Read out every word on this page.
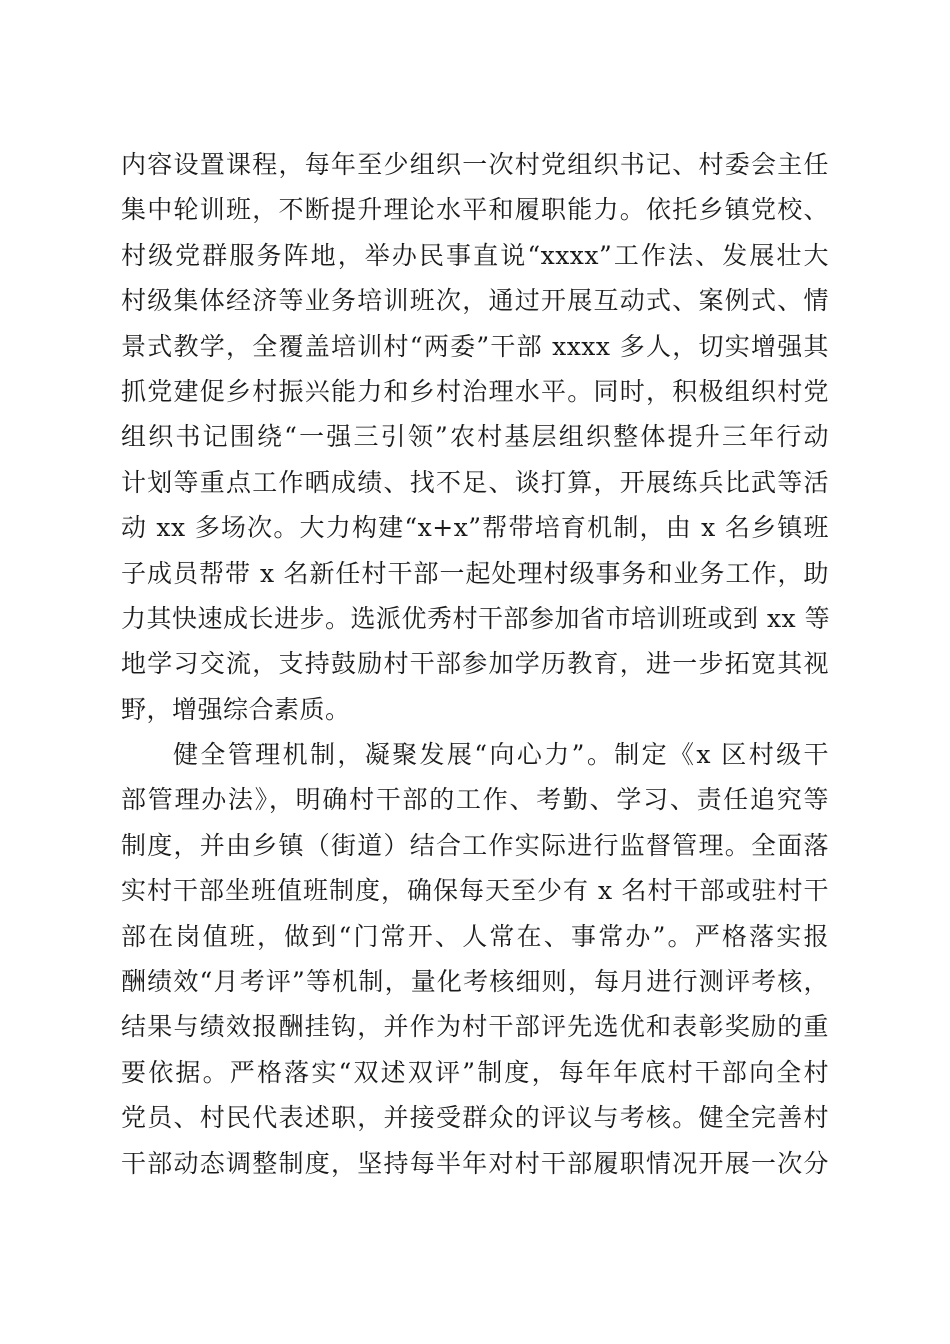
内容设置课程，每年至少组织一次村党组织书记、村委会主任
集中轮训班，不断提升理论水平和履职能力。依托乡镇党校、
村级党群服务阵地，举办民事直说“xxxx”工作法、发展壮大
村级集体经济等业务培训班次，通过开展互动式、案例式、情
景式教学，全覆盖培训村“两委”干部 xxxx 多人，切实增强其
抓党建促乡村振兴能力和乡村治理水平。同时，积极组织村党
组织书记围绕“一强三引领”农村基层组织整体提升三年行动
计划等重点工作晒成绩、找不足、谈打算，开展练兵比武等活
动 xx 多场次。大力构建“x+x”帮带培育机制，由 x 名乡镇班
子成员帮带 x 名新任村干部一起处理村级事务和业务工作，助
力其快速成长进步。选派优秀村干部参加省市培训班或到 xx 等
地学习交流，支持鼓励村干部参加学历教育，进一步拓宽其视
野，增强综合素质。
健全管理机制，凝聚发展“向心力”。制定《x 区村级干
部管理办法》，明确村干部的工作、考勤、学习、责任追究等
制度，并由乡镇（街道）结合工作实际进行监督管理。全面落
实村干部坐班值班制度，确保每天至少有 x 名村干部或驻村干
部在岗值班，做到“门常开、人常在、事常办”。严格落实报
酬绩效“月考评”等机制，量化考核细则，每月进行测评考核，
结果与绩效报酬挂钩，并作为村干部评先选优和表彰奖励的重
要依据。严格落实“双述双评”制度，每年年底村干部向全村
党员、村民代表述职，并接受群众的评议与考核。健全完善村
干部动态调整制度，坚持每半年对村干部履职情况开展一次分
